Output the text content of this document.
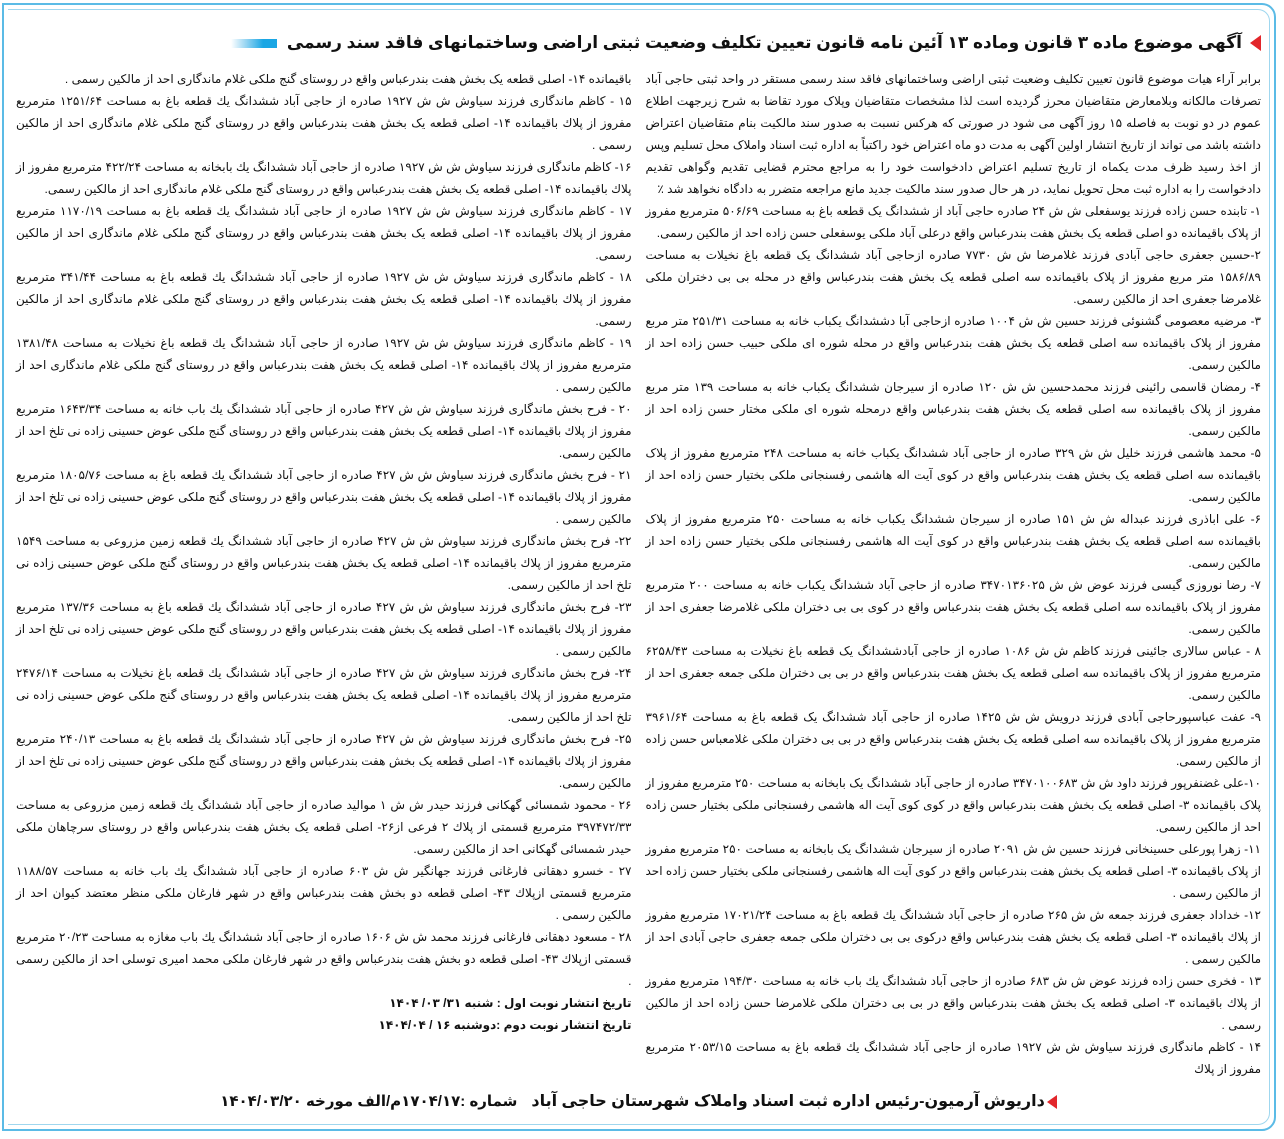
آگهی موضوع ماده ۳ قانون وماده ۱۳ آئین نامه قانون تعیین تکلیف وضعیت ثبتی اراضی وساختمانهای فاقد سند رسمی

برابر آراء هیات موضوع قانون تعیین تکلیف وضعیت ثبتی اراضی وساختمانهای فاقد سند رسمی مستقر در واحد ثبتی حاجی آباد تصرفات مالکانه وبلامعارض متقاضیان محرز گردیده است لذا مشخصات متقاضیان وپلاک مورد تقاضا به شرح زیرجهت اطلاع عموم در دو نوبت به فاصله ۱۵ روز آگهی می شود در صورتی که هرکس نسبت به صدور سند مالکیت بنام متقاضیان اعتراض داشته باشد می تواند از تاریخ انتشار اولین آگهی به مدت دو ماه اعتراض خود راکتباً به اداره ثبت اسناد واملاک محل تسلیم وپس از اخذ رسید ظرف مدت یکماه از تاریخ تسلیم اعتراض دادخواست خود را به مراجع محترم قضایی تقدیم وگواهی تقدیم دادخواست را به اداره ثبت محل تحویل نماید، در هر حال صدور سند مالکیت جدید مانع مراجعه متضرر به دادگاه نخواهد شد ٪

۱- تابنده حسن زاده فرزند یوسفعلی ش ش ۲۴ صادره حاجی آباد از ششدانگ یک قطعه باغ به مساحت ۵۰۶/۶۹ مترمربع مفروز از پلاک باقیمانده دو اصلی قطعه یک بخش هفت بندرعباس واقع درعلی آباد ملکی یوسفعلی حسن زاده احد از مالکین رسمی.

۲-حسین جعفری حاجی آبادی فرزند غلامرضا ش ش ۷۷۳۰ صادره ازحاجی آباد ششدانگ یک قطعه باغ نخیلات به مساحت ۱۵۸۶/۸۹ متر مربع مفروز از پلاک باقیمانده سه اصلی قطعه یک بخش هفت بندرعباس واقع در محله بی بی دختران ملکی غلامرضا جعفری احد از مالکین رسمی.

۳- مرضیه معصومی گشنوئی فرزند حسین ش ش ۱۰۰۴ صادره ازحاجی آبا دششدانگ یکباب خانه به مساحت ۲۵۱/۳۱ متر مربع مفروز از پلاک باقیمانده سه اصلی قطعه یک بخش هفت بندرعباس واقع در محله شوره ای ملکی حبیب حسن زاده احد از مالکین رسمی.

۴- رمضان قاسمی رائینی فرزند محمدحسین ش ش ۱۲۰ صادره از سیرجان ششدانگ یکباب خانه به مساحت ۱۳۹ متر مربع مفروز از پلاک باقیمانده سه اصلی قطعه یک بخش هفت بندرعباس واقع درمحله شوره ای ملکی مختار حسن زاده احد از مالکین رسمی.

۵- محمد هاشمی فرزند خلیل ش ش ۳۲۹ صادره از حاجی آباد ششدانگ یکباب خانه به مساحت ۲۴۸ مترمربع مفروز از پلاک باقیمانده سه اصلی قطعه یک بخش هفت بندرعباس واقع در کوی آیت اله هاشمی رفسنجانی ملکی بختیار حسن زاده احد از مالکین رسمی.

۶- علی اباذری فرزند عبداله ش ش ۱۵۱ صادره از سیرجان ششدانگ یکباب خانه به مساحت ۲۵۰ مترمربع مفروز از پلاک باقیمانده سه اصلی قطعه یک بخش هفت بندرعباس واقع در کوی آیت اله هاشمی رفسنجانی ملکی بختیار حسن زاده احد از مالکین رسمی.

۷- رضا نوروزی گیسی فرزند عوض ش ش ۳۴۷۰۱۳۶۰۲۵ صادره از حاجی آباد ششدانگ یکباب خانه به مساحت ۲۰۰ مترمربع مفروز از پلاک باقیمانده سه اصلی قطعه یک بخش هفت بندرعباس واقع در کوی بی بی دختران ملکی غلامرضا جعفری احد از مالکین رسمی.

۸ - عباس سالاری جائینی فرزند کاظم ش ش ۱۰۸۶ صادره از حاجی آبادششدانگ یک قطعه باغ نخیلات به مساحت ۶۲۵۸/۴۳ مترمربع مفروز از پلاک باقیمانده سه اصلی قطعه یک بخش هفت بندرعباس واقع در بی بی دختران ملکی جمعه جعفری احد از مالکین رسمی.

۹- عفت عباسپورحاجی آبادی فرزند درویش ش ش ۱۴۲۵ صادره از حاجی آباد ششدانگ یک قطعه باغ به مساحت ۳۹۶۱/۶۴ مترمربع مفروز از پلاک باقیمانده سه اصلی قطعه یک بخش هفت بندرعباس واقع در بی بی دختران ملکی غلامعباس حسن زاده از مالکین رسمی.

۱۰-علی غضنفرپور فرزند داود ش ش ۳۴۷۰۱۰۰۶۸۳ صادره از حاجی آباد ششدانگ یک بابخانه به مساحت ۲۵۰ مترمربع مفروز از پلاک باقیمانده ۳- اصلی قطعه یک بخش هفت بندرعباس واقع در کوی کوی آیت اله هاشمی رفسنجانی ملکی بختیار حسن زاده احد از مالکین رسمی.

۱۱- زهرا پورعلی حسینخانی فرزند حسین ش ش ۲۰۹۱ صادره از سیرجان ششدانگ یک بابخانه به مساحت ۲۵۰ مترمربع مفروز از پلاک باقیمانده ۳- اصلی قطعه یک بخش هفت بندرعباس واقع در کوی آیت اله هاشمی رفسنجانی ملکی بختیار حسن زاده احد از مالکین رسمی .

۱۲- خداداد جعفری فرزند جمعه ش ش ۲۶۵ صادره از حاجی آباد ششدانگ یك قطعه باغ به مساحت ۱۷۰۲۱/۲۴ مترمربع مفروز از پلاك باقیمانده ۳- اصلی قطعه یک بخش هفت بندرعباس واقع درکوی بی بی دختران ملکی جمعه جعفری حاجی آبادی احد از مالکین رسمی .

۱۳ - فخری حسن زاده فرزند عوض ش ش ۶۸۳ صادره از حاجی آباد ششدانگ یك باب خانه به مساحت ۱۹۴/۳۰ مترمربع مفروز از پلاك باقیمانده ۳- اصلی قطعه یک بخش هفت بندرعباس واقع در بی بی دختران ملکی غلامرضا حسن زاده احد از مالکین رسمی .

۱۴ - کاظم ماندگاری فرزند سیاوش ش ش ۱۹۲۷ صادره از حاجی آباد ششدانگ یك قطعه باغ به مساحت ۲۰۵۳/۱۵ مترمربع مفروز از پلاك

باقیمانده ۱۴- اصلی قطعه یک بخش هفت بندرعباس واقع در روستای گنج ملکی غلام ماندگاری احد از مالکین رسمی .

۱۵ - کاظم ماندگاری فرزند سیاوش ش ش ۱۹۲۷ صادره از حاجی آباد ششدانگ یك قطعه باغ به مساحت ۱۲۵۱/۶۴ مترمربع مفروز از پلاك باقیمانده ۱۴- اصلی قطعه یک بخش هفت بندرعباس واقع در روستای گنج ملکی غلام ماندگاری احد از مالکین رسمی .

۱۶- کاظم ماندگاری فرزند سیاوش ش ش ۱۹۲۷ صادره از حاجی آباد ششدانگ یك بابخانه به مساحت ۴۲۲/۲۴ مترمربع مفروز از پلاك باقیمانده ۱۴- اصلی قطعه یک بخش هفت بندرعباس واقع در روستای گنج ملکی غلام ماندگاری احد از مالکین رسمی.

۱۷ - کاظم ماندگاری فرزند سیاوش ش ش ۱۹۲۷ صادره از حاجی آباد ششدانگ یك قطعه باغ به مساحت ۱۱۷۰/۱۹ مترمربع مفروز از پلاك باقیمانده ۱۴- اصلی قطعه یک بخش هفت بندرعباس واقع در روستای گنج ملکی غلام ماندگاری احد از مالکین رسمی.

۱۸ - کاظم ماندگاری فرزند سیاوش ش ش ۱۹۲۷ صادره از حاجی آباد ششدانگ یك قطعه باغ به مساحت ۳۴۱/۴۴ مترمربع مفروز از پلاك باقیمانده ۱۴- اصلی قطعه یک بخش هفت بندرعباس واقع در روستای گنج ملکی غلام ماندگاری احد از مالکین رسمی.

۱۹ - کاظم ماندگاری فرزند سیاوش ش ش ۱۹۲۷ صادره از حاجی آباد ششدانگ یك قطعه باغ نخیلات به مساحت ۱۳۸۱/۴۸ مترمربع مفروز از پلاك باقیمانده ۱۴- اصلی قطعه یک بخش هفت بندرعباس واقع در روستای گنج ملکی غلام ماندگاری احد از مالکین رسمی .

۲۰ - فرح بخش ماندگاری فرزند سیاوش ش ش ۴۲۷ صادره از حاجی آباد ششدانگ یك باب خانه به مساحت ۱۶۴۳/۳۴ مترمربع مفروز از پلاك باقیمانده ۱۴- اصلی قطعه یک بخش هفت بندرعباس واقع در روستای گنج ملکی عوض حسینی زاده نی تلخ احد از مالکین رسمی.

۲۱ - فرح بخش ماندگاری فرزند سیاوش ش ش ۴۲۷ صادره از حاجی آباد ششدانگ یك قطعه باغ به مساحت ۱۸۰۵/۷۶ مترمربع مفروز از پلاك باقیمانده ۱۴- اصلی قطعه یک بخش هفت بندرعباس واقع در روستای گنج ملکی عوض حسینی زاده نی تلخ احد از مالکین رسمی .

۲۲- فرح بخش ماندگاری فرزند سیاوش ش ش ۴۲۷ صادره از حاجی آباد ششدانگ یك قطعه زمین مزروعی به مساحت ۱۵۴۹ مترمربع مفروز از پلاك باقیمانده ۱۴- اصلی قطعه یک بخش هفت بندرعباس واقع در روستای گنج ملکی عوض حسینی زاده نی تلخ احد از مالکین رسمی.

۲۳- فرح بخش ماندگاری فرزند سیاوش ش ش ۴۲۷ صادره از حاجی آباد ششدانگ یك قطعه باغ به مساحت ۱۳۷/۳۶ مترمربع مفروز از پلاك باقیمانده ۱۴- اصلی قطعه یک بخش هفت بندرعباس واقع در روستای گنج ملکی عوض حسینی زاده نی تلخ احد از مالکین رسمی .

۲۴- فرح بخش ماندگاری فرزند سیاوش ش ش ۴۲۷ صادره از حاجی آباد ششدانگ یك قطعه باغ نخیلات به مساحت ۲۴۷۶/۱۴ مترمربع مفروز از پلاك باقیمانده ۱۴- اصلی قطعه یک بخش هفت بندرعباس واقع در روستای گنج ملکی عوض حسینی زاده نی تلخ احد از مالکین رسمی.

۲۵- فرح بخش ماندگاری فرزند سیاوش ش ش ۴۲۷ صادره از حاجی آباد ششدانگ یك قطعه باغ به مساحت ۲۴۰/۱۳ مترمربع مفروز از پلاك باقیمانده ۱۴- اصلی قطعه یک بخش هفت بندرعباس واقع در روستای گنج ملکی عوض حسینی زاده نی تلخ احد از مالکین رسمی.

۲۶ - محمود شمسائی گهکانی فرزند حیدر ش ش ۱ موالید صادره از حاجی آباد ششدانگ یك قطعه زمین مزروعی به مساحت ۳۹۷۴۷۲/۳۳ مترمربع قسمتی از پلاك ۲ فرعی از۲۶- اصلی قطعه یک بخش هفت بندرعباس واقع در روستای سرچاهان ملکی حیدر شمسائی گهکانی احد از مالکین رسمی.

۲۷ - خسرو دهقانی فارغانی فرزند جهانگیر ش ش ۶۰۳ صادره از حاجی آباد ششدانگ یك باب خانه به مساحت ۱۱۸۸/۵۷ مترمربع قسمتی ازپلاك ۴۳- اصلی قطعه دو بخش هفت بندرعباس واقع در شهر فارغان ملکی منظر معتضد کیوان احد از مالکین رسمی .

۲۸ - مسعود دهقانی فارغانی فرزند محمد ش ش ۱۶۰۶ صادره از حاجی آباد ششدانگ یك باب مغازه به مساحت ۲۰/۲۳ مترمربع قسمتی ازپلاك ۴۳- اصلی قطعه دو بخش هفت بندرعباس واقع در شهر فارغان ملکی محمد امیری توسلی احد از مالکین رسمی .

تاریخ انتشار نوبت اول : شنبه ۳۱/ ۰۳/ ۱۴۰۴

تاریخ انتشار نوبت دوم :دوشنبه ۱۶ / ۱۴۰۴/۰۴

داریوش آرمیون-رئیس اداره ثبت اسناد واملاک شهرستان حاجی آباد
شماره :۱۷۰۴/۱۷م/الف مورخه ۱۴۰۴/۰۳/۲۰
